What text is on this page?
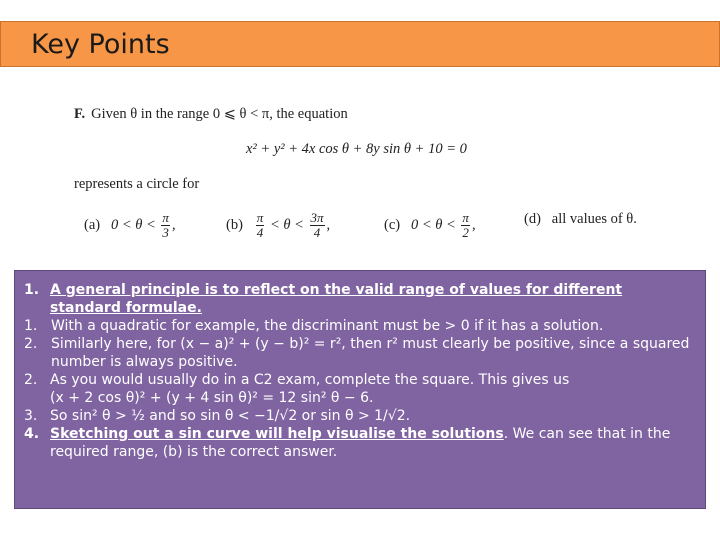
Key Points
F. Given θ in the range 0 ⩽ θ < π, the equation
x² + y² + 4x cos θ + 8y sin θ + 10 = 0
represents a circle for
(a) $0 < \theta < \frac{\pi}{3}$ ,	$(b) \frac{\pi}{4} < \theta < \frac{3\pi}{4}$ ,	(c) $0 < \theta < \frac{\pi}{2}$ ,	(d) all values of θ.
1. A general principle is to reflect on the valid range of values for different standard formulae.
1. With a quadratic for example, the discriminant must be > 0 if it has a solution.
2. Similarly here, for (x − a)² + (y − b)² = r², then r² must clearly be positive, since a squared number is always positive.
2. As you would usually do in a C2 exam, complete the square. This gives us
(x + 2 cos θ)² + (y + 4 sin θ)² = 12 sin² θ − 6.
3. So sin² θ > ½ and so sin θ < −1/√2 or sin θ > 1/√2.
4. Sketching out a sin curve will help visualise the solutions. We can see that in the required range, (b) is the correct answer.
